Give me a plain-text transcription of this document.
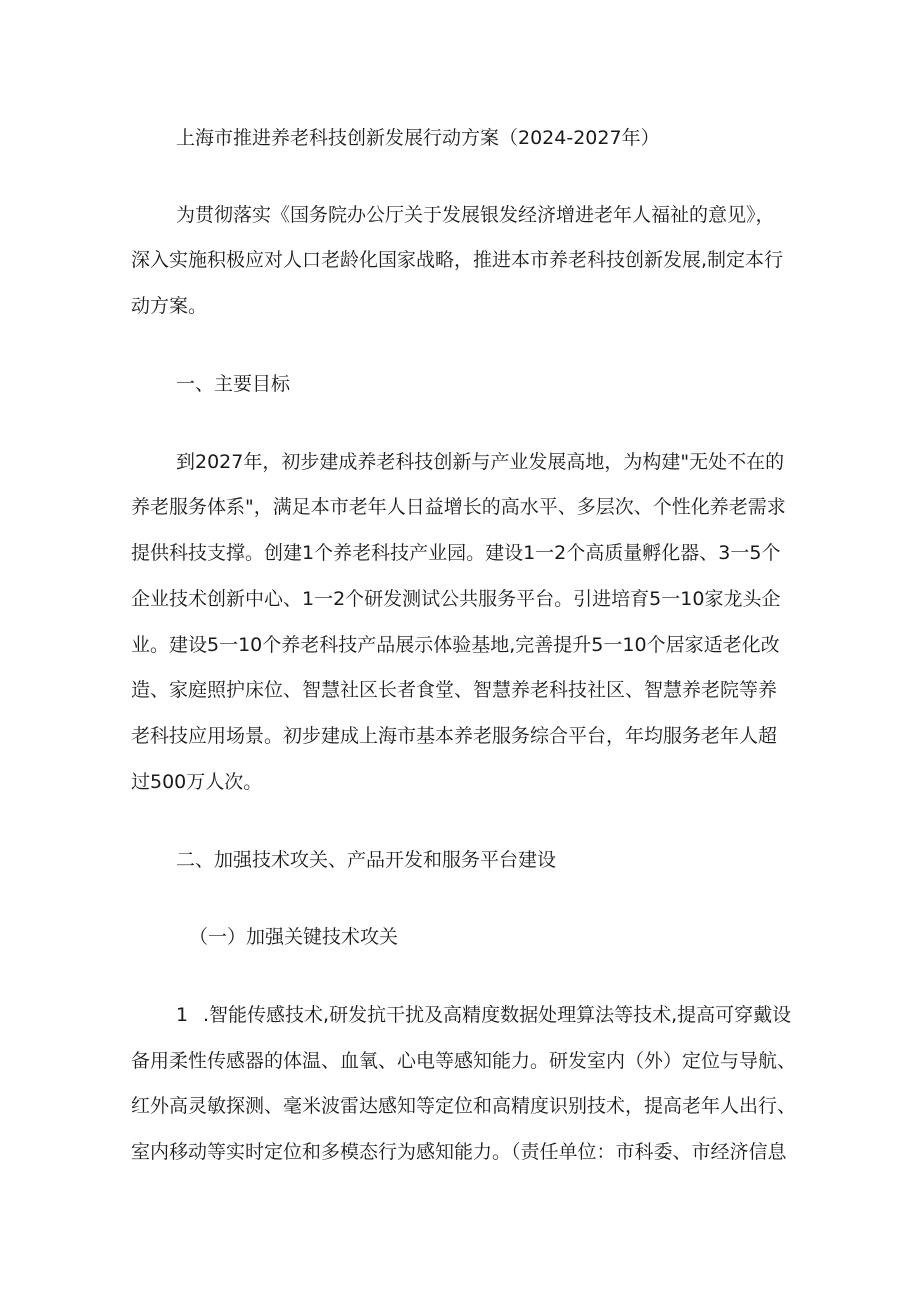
上海市推进养老科技创新发展行动方案（2024-2027年）
为贯彻落实《国务院办公厅关于发展银发经济增进老年人福祉的意见》，
深入实施积极应对人口老龄化国家战略，推进本市养老科技创新发展,制定本行
动方案。
一、主要目标
到2027年，初步建成养老科技创新与产业发展高地，为构建"无处不在的
养老服务体系"，满足本市老年人日益增长的高水平、多层次、个性化养老需求
提供科技支撑。创建1个养老科技产业园。建设1一2个高质量孵化器、3一5个
企业技术创新中心、1一2个研发测试公共服务平台。引进培育5一10家龙头企
业。建设5一10个养老科技产品展示体验基地,完善提升5一10个居家适老化改
造、家庭照护床位、智慧社区长者食堂、智慧养老科技社区、智慧养老院等养
老科技应用场景。初步建成上海市基本养老服务综合平台，年均服务老年人超
过500万人次。
二、加强技术攻关、产品开发和服务平台建设
（一）加强关键技术攻关
1 .智能传感技术,研发抗干扰及高精度数据处理算法等技术,提高可穿戴设
备用柔性传感器的体温、血氧、心电等感知能力。研发室内（外）定位与导航、
红外高灵敏探测、毫米波雷达感知等定位和高精度识别技术，提高老年人出行、
室内移动等实时定位和多模态行为感知能力。（责任单位：市科委、市经济信息
